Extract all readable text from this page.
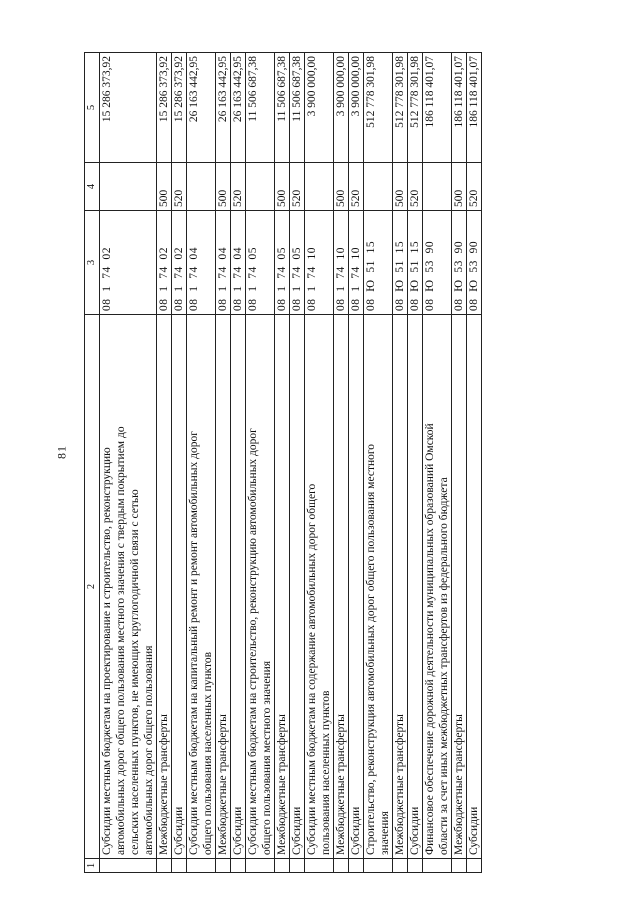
81
1	2	3	4	5
	Субсидии местным бюджетам на проектирование и строительство, реконструкцию
автомобильных дорог общего пользования местного значения с твердым покрытием до
сельских населенных пунктов, не имеющих круглогодичной связи с сетью
автомобильных дорог общего пользования	08  1  74  02		15 286 373,92
	Межбюджетные трансферты	08  1  74  02	500	15 286 373,92
	Субсидии	08  1  74  02	520	15 286 373,92
	Субсидии местным бюджетам на капитальный ремонт и ремонт автомобильных дорог
общего пользования населенных пунктов	08  1  74  04		26 163 442,95
	Межбюджетные трансферты	08  1  74  04	500	26 163 442,95
	Субсидии	08  1  74  04	520	26 163 442,95
	Субсидии местным бюджетам на строительство, реконструкцию автомобильных дорог
общего пользования местного значения	08  1  74  05		11 506 687,38
	Межбюджетные трансферты	08  1  74  05	500	11 506 687,38
	Субсидии	08  1  74  05	520	11 506 687,38
	Субсидии местным бюджетам на содержание автомобильных дорог общего
пользования населенных пунктов	08  1  74  10		3 900 000,00
	Межбюджетные трансферты	08  1  74  10	500	3 900 000,00
	Субсидии	08  1  74  10	520	3 900 000,00
	Строительство, реконструкция автомобильных дорог общего пользования местного
значения	08  Ю  51  15		512 778 301,98
	Межбюджетные трансферты	08  Ю  51  15	500	512 778 301,98
	Субсидии	08  Ю  51  15	520	512 778 301,98
	Финансовое обеспечение дорожной деятельности муниципальных образований Омской
области за счет иных межбюджетных трансфертов из федерального бюджета	08  Ю  53  90		186 118 401,07
	Межбюджетные трансферты	08  Ю  53  90	500	186 118 401,07
	Субсидии	08  Ю  53  90	520	186 118 401,07
